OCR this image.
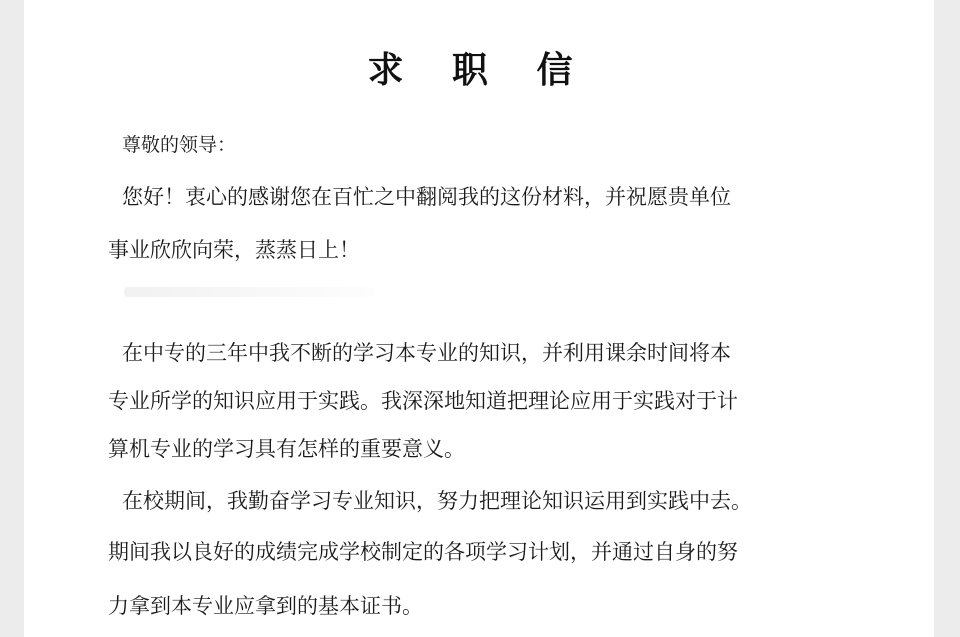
求 职 信
尊敬的领导：
您好！衷心的感谢您在百忙之中翻阅我的这份材料，并祝愿贵单位
事业欣欣向荣，蒸蒸日上！
在中专的三年中我不断的学习本专业的知识，并利用课余时间将本
专业所学的知识应用于实践。我深深地知道把理论应用于实践对于计
算机专业的学习具有怎样的重要意义。
在校期间，我勤奋学习专业知识，努力把理论知识运用到实践中去。
期间我以良好的成绩完成学校制定的各项学习计划，并通过自身的努
力拿到本专业应拿到的基本证书。
